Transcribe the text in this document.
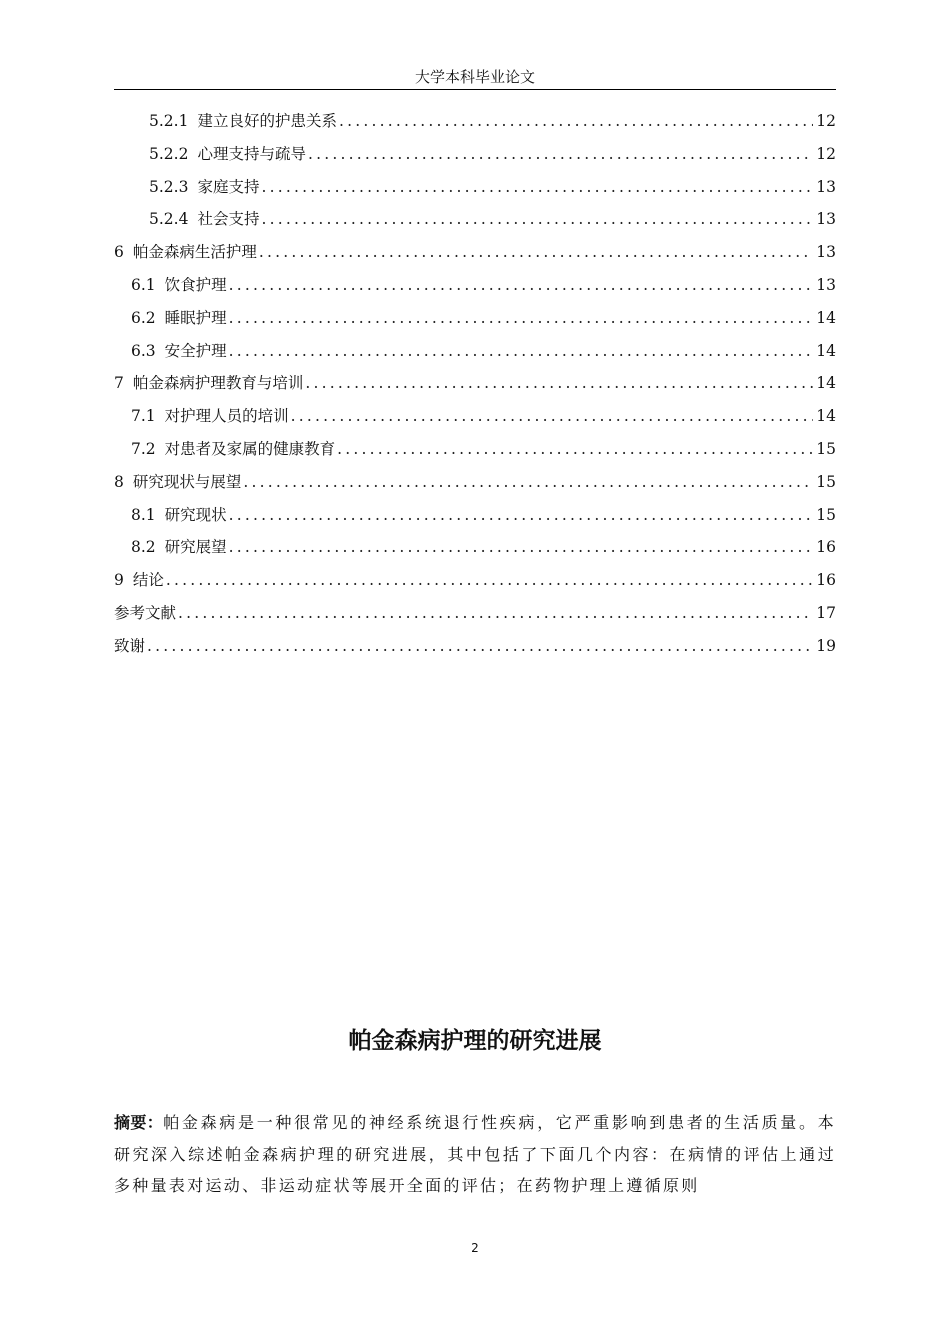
大学本科毕业论文
5.2.1 建立良好的护患关系 .....	12
5.2.2 心理支持与疏导 .....	12
5.2.3 家庭支持 .....	13
5.2.4 社会支持 .....	13
6 帕金森病生活护理 .....	13
6.1 饮食护理 .....	13
6.2 睡眠护理 .....	14
6.3 安全护理 .....	14
7 帕金森病护理教育与培训 .....	14
7.1 对护理人员的培训 .....	14
7.2 对患者及家属的健康教育 .....	15
8 研究现状与展望 .....	15
8.1 研究现状 .....	15
8.2 研究展望 .....	16
9 结论 .....	16
参考文献 .....	17
致谢 .....	19
帕金森病护理的研究进展
摘要：帕金森病是一种很常见的神经系统退行性疾病，它严重影响到患者的生活质量。本研究深入综述帕金森病护理的研究进展，其中包括了下面几个内容：在病情的评估上通过多种量表对运动、非运动症状等展开全面的评估；在药物护理上遵循原则
2
